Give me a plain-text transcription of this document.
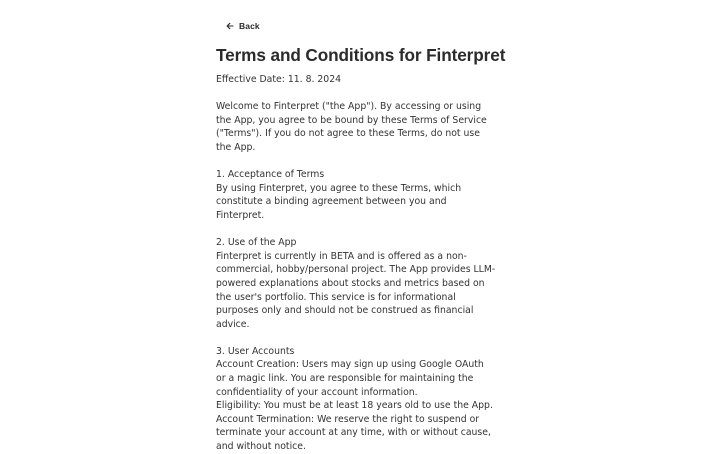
Back
Terms and Conditions for Finterpret
Effective Date: 11. 8. 2024

Welcome to Finterpret ("the App"). By accessing or using the App, you agree to be bound by these Terms of Service ("Terms"). If you do not agree to these Terms, do not use the App.

1. Acceptance of Terms

By using Finterpret, you agree to these Terms, which constitute a binding agreement between you and Finterpret.

2. Use of the App

Finterpret is currently in BETA and is offered as a non-commercial, hobby/personal project. The App provides LLM-powered explanations about stocks and metrics based on the user's portfolio. This service is for informational purposes only and should not be construed as financial advice.

3. User Accounts

Account Creation: Users may sign up using Google OAuth or a magic link. You are responsible for maintaining the confidentiality of your account information.

Eligibility: You must be at least 18 years old to use the App.

Account Termination: We reserve the right to suspend or terminate your account at any time, with or without cause, and without notice.
